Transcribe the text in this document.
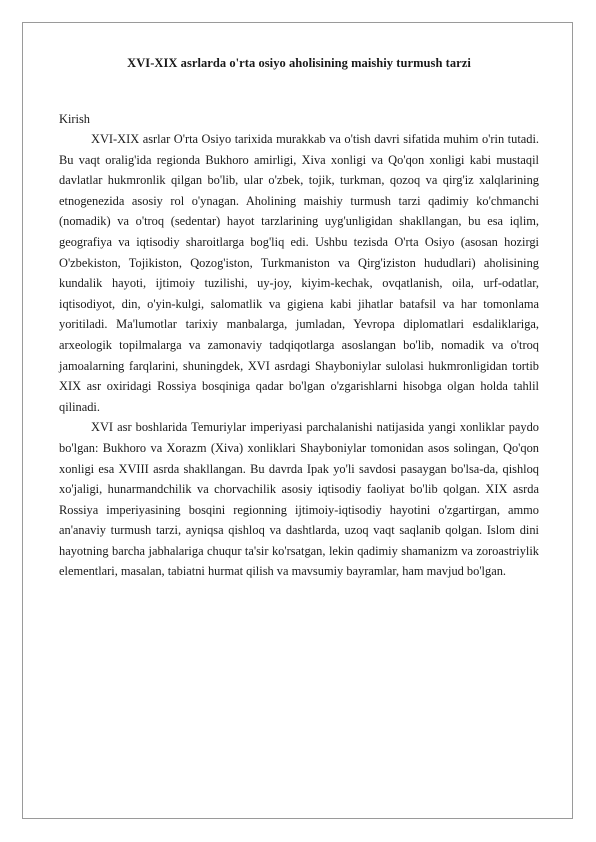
XVI-XIX asrlarda o'rta osiyo aholisining maishiy turmush tarzi
Kirish

XVI-XIX asrlar O'rta Osiyo tarixida murakkab va o'tish davri sifatida muhim o'rin tutadi. Bu vaqt oralig'ida regionda Bukhoro amirligi, Xiva xonligi va Qo'qon xonligi kabi mustaqil davlatlar hukmronlik qilgan bo'lib, ular o'zbek, tojik, turkman, qozoq va qirg'iz xalqlarining etnogenezida asosiy rol o'ynagan. Aholining maishiy turmush tarzi qadimiy ko'chmanchi (nomadik) va o'troq (sedentar) hayot tarzlarining uyg'unligidan shakllangan, bu esa iqlim, geografiya va iqtisodiy sharoitlarga bog'liq edi. Ushbu tezisda O'rta Osiyo (asosan hozirgi O'zbekiston, Tojikiston, Qozog'iston, Turkmaniston va Qirg'iziston hududlari) aholisining kundalik hayoti, ijtimoiy tuzilishi, uy-joy, kiyim-kechak, ovqatlanish, oila, urf-odatlar, iqtisodiyot, din, o'yin-kulgi, salomatlik va gigiena kabi jihatlar batafsil va har tomonlama yoritiladi. Ma'lumotlar tarixiy manbalarga, jumladan, Yevropa diplomatlari esdaliklariga, arxeologik topilmalarga va zamonaviy tadqiqotlarga asoslangan bo'lib, nomadik va o'troq jamoalarning farqlarini, shuningdek, XVI asrdagi Shayboniylar sulolasi hukmronligidan tortib XIX asr oxiridagi Rossiya bosqiniga qadar bo'lgan o'zgarishlarni hisobga olgan holda tahlil qilinadi.

XVI asr boshlarida Temuriylar imperiyasi parchalanishi natijasida yangi xonliklar paydo bo'lgan: Bukhoro va Xorazm (Xiva) xonliklari Shayboniylar tomonidan asos solingan, Qo'qon xonligi esa XVIII asrda shakllangan. Bu davrda Ipak yo'li savdosi pasaygan bo'lsa-da, qishloq xo'jaligi, hunarmandchilik va chorvachilik asosiy iqtisodiy faoliyat bo'lib qolgan. XIX asrda Rossiya imperiyasining bosqini regionning ijtimoiy-iqtisodiy hayotini o'zgartirgan, ammo an'anaviy turmush tarzi, ayniqsa qishloq va dashtlarda, uzoq vaqt saqlanib qolgan. Islom dini hayotning barcha jabhalariga chuqur ta'sir ko'rsatgan, lekin qadimiy shamanizm va zoroastriylik elementlari, masalan, tabiatni hurmat qilish va mavsumiy bayramlar, ham mavjud bo'lgan.
